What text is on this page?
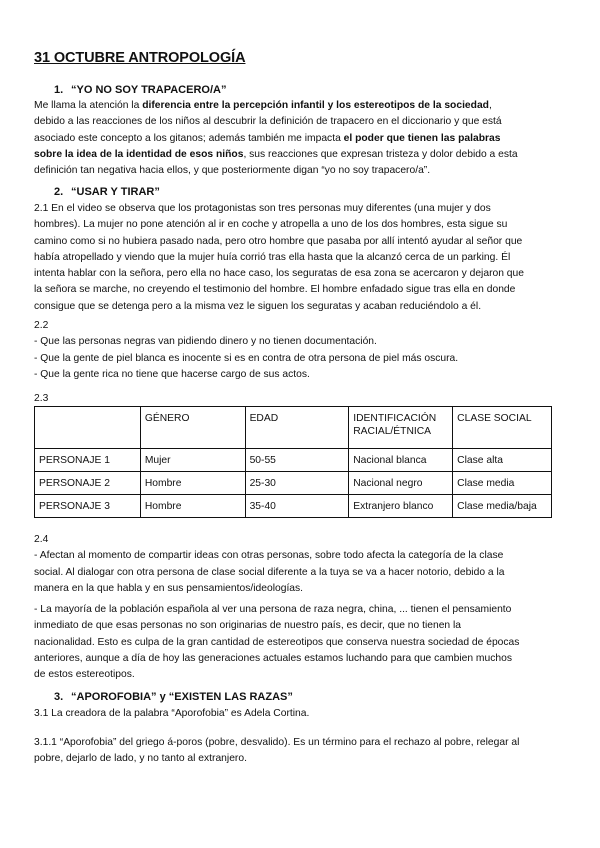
31 OCTUBRE ANTROPOLOGÍA
1. “YO NO SOY TRAPACERO/A”
Me llama la atención la diferencia entre la percepción infantil y los estereotipos de la sociedad,
debido a las reacciones de los niños al descubrir la definición de trapacero en el diccionario y que está
asociado este concepto a los gitanos; además también me impacta el poder que tienen las palabras
sobre la idea de la identidad de esos niños, sus reacciones que expresan tristeza y dolor debido a esta
definición tan negativa hacia ellos, y que posteriormente digan “yo no soy trapacero/a”.
2. “USAR Y TIRAR”
2.1 En el video se observa que los protagonistas son tres personas muy diferentes (una mujer y dos
hombres). La mujer no pone atención al ir en coche y atropella a uno de los dos hombres, esta sigue su
camino como si no hubiera pasado nada, pero otro hombre que pasaba por allí intentó ayudar al señor que
había atropellado y viendo que la mujer huía corrió tras ella hasta que la alcanzó cerca de un parking. Él
intenta hablar con la señora, pero ella no hace caso, los seguratas de esa zona se acercaron y dejaron que
la señora se marche, no creyendo el testimonio del hombre. El hombre enfadado sigue tras ella en donde
consigue que se detenga pero a la misma vez le siguen los seguratas y acaban reduciéndolo a él.
2.2
- Que las personas negras van pidiendo dinero y no tienen documentación.
- Que la gente de piel blanca es inocente si es en contra de otra persona de piel más oscura.
- Que la gente rica no tiene que hacerse cargo de sus actos.
2.3
	GÉNERO	EDAD	IDENTIFICACIÓN RACIAL/ÉTNICA	CLASE SOCIAL
PERSONAJE 1	Mujer	50-55	Nacional blanca	Clase alta
PERSONAJE 2	Hombre	25-30	Nacional negro	Clase media
PERSONAJE 3	Hombre	35-40	Extranjero blanco	Clase media/baja
2.4
- Afectan al momento de compartir ideas con otras personas, sobre todo afecta la categoría de la clase
social. Al dialogar con otra persona de clase social diferente a la tuya se va a hacer notorio, debido a la
manera en la que habla y en sus pensamientos/ideologías.
- La mayoría de la población española al ver una persona de raza negra, china, ... tienen el pensamiento
inmediato de que esas personas no son originarias de nuestro país, es decir, que no tienen la
nacionalidad. Esto es culpa de la gran cantidad de estereotipos que conserva nuestra sociedad de épocas
anteriores, aunque a día de hoy las generaciones actuales estamos luchando para que cambien muchos
de estos estereotipos.
3. “APOROFOBIA” y “EXISTEN LAS RAZAS”
3.1 La creadora de la palabra “Aporofobia” es Adela Cortina.
3.1.1 “Aporofobia” del griego á-poros (pobre, desvalido). Es un término para el rechazo al pobre, relegar al
pobre, dejarlo de lado, y no tanto al extranjero.
